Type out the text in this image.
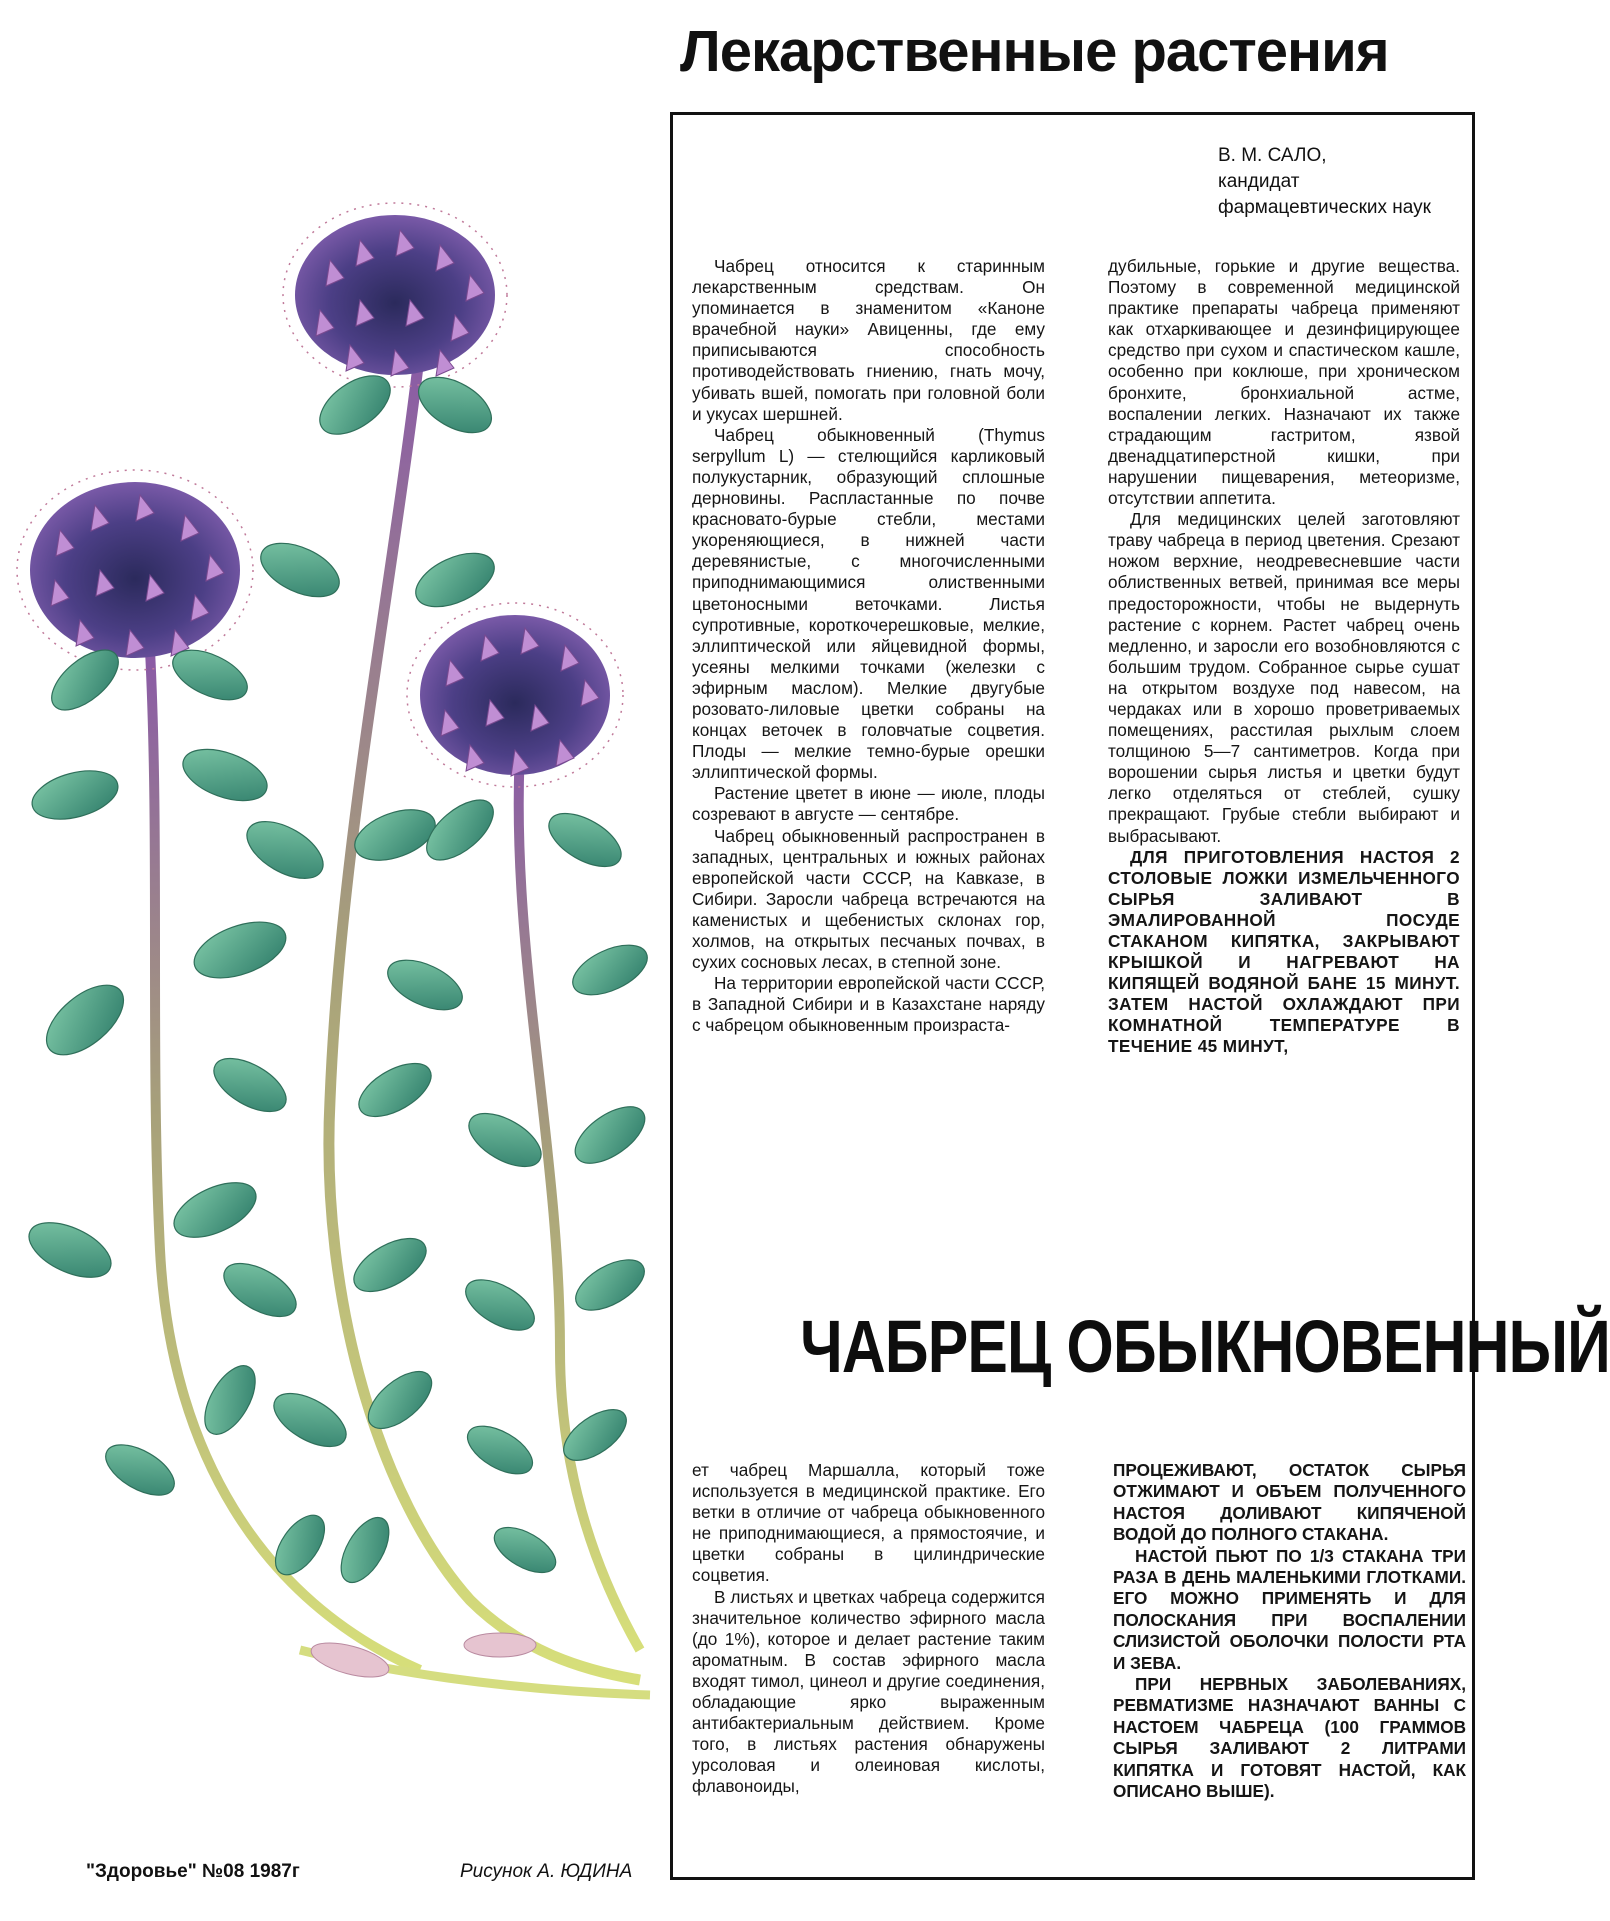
Лекарственные растения
В. М. САЛО,
кандидат
фармацевтических наук

Чабрец относится к старинным лекарственным средствам. Он упоминается в знаменитом «Каноне врачебной науки» Авиценны, где ему приписываются способность противодействовать гниению, гнать мочу, убивать вшей, помогать при головной боли и укусах шершней.

Чабрец обыкновенный (Thymus serpyllum L) — стелющийся карликовый полукустарник, образующий сплошные дерновины. Распластанные по почве красновато-бурые стебли, местами укореняющиеся, в нижней части деревянистые, с многочисленными приподнимающимися олиственными цветоносными веточками. Листья супротивные, короткочерешковые, мелкие, эллиптической или яйцевидной формы, усеяны мелкими точками (железки с эфирным маслом). Мелкие двугубые розовато-лиловые цветки собраны на концах веточек в головчатые соцветия. Плоды — мелкие темно-бурые орешки эллиптической формы.

Растение цветет в июне — июле, плоды созревают в августе — сентябре.

Чабрец обыкновенный распространен в западных, центральных и южных районах европейской части СССР, на Кавказе, в Сибири. Заросли чабреца встречаются на каменистых и щебенистых склонах гор, холмов, на открытых песчаных почвах, в сухих сосновых лесах, в степной зоне.

На территории европейской части СССР, в Западной Сибири и в Казахстане наряду с чабрецом обыкновенным произраста-

дубильные, горькие и другие вещества. Поэтому в современной медицинской практике препараты чабреца применяют как отхаркивающее и дезинфицирующее средство при сухом и спастическом кашле, особенно при коклюше, при хроническом бронхите, бронхиальной астме, воспалении легких. Назначают их также страдающим гастритом, язвой двенадцатиперстной кишки, при нарушении пищеварения, метеоризме, отсутствии аппетита.

Для медицинских целей заготовляют траву чабреца в период цветения. Срезают ножом верхние, неодревесневшие части облиственных ветвей, принимая все меры предосторожности, чтобы не выдернуть растение с корнем. Растет чабрец очень медленно, и заросли его возобновляются с большим трудом. Собранное сырье сушат на открытом воздухе под навесом, на чердаках или в хорошо проветриваемых помещениях, расстилая рыхлым слоем толщиною 5—7 сантиметров. Когда при ворошении сырья листья и цветки будут легко отделяться от стеблей, сушку прекращают. Грубые стебли выбирают и выбрасывают.

ДЛЯ ПРИГОТОВЛЕНИЯ НАСТОЯ 2 СТОЛОВЫЕ ЛОЖКИ ИЗМЕЛЬЧЕННОГО СЫРЬЯ ЗАЛИВАЮТ В ЭМАЛИРОВАННОЙ ПОСУДЕ СТАКАНОМ КИПЯТКА, ЗАКРЫВАЮТ КРЫШКОЙ И НАГРЕВАЮТ НА КИПЯЩЕЙ ВОДЯНОЙ БАНЕ 15 МИНУТ. ЗАТЕМ НАСТОЙ ОХЛАЖДАЮТ ПРИ КОМНАТНОЙ ТЕМПЕРАТУРЕ В ТЕЧЕНИЕ 45 МИНУТ,

ЧАБРЕЦ ОБЫКНОВЕННЫЙ

ет чабрец Маршалла, который тоже используется в медицинской практике. Его ветки в отличие от чабреца обыкновенного не приподнимающиеся, а прямостоячие, и цветки собраны в цилиндрические соцветия.

В листьях и цветках чабреца содержится значительное количество эфирного масла (до 1%), которое и делает растение таким ароматным. В состав эфирного масла входят тимол, цинеол и другие соединения, обладающие ярко выраженным антибактериальным действием. Кроме того, в листьях растения обнаружены урсоловая и олеиновая кислоты, флавоноиды,

ПРОЦЕЖИВАЮТ, ОСТАТОК СЫРЬЯ ОТЖИМАЮТ И ОБЪЕМ ПОЛУЧЕННОГО НАСТОЯ ДОЛИВАЮТ КИПЯЧЕНОЙ ВОДОЙ ДО ПОЛНОГО СТАКАНА.

НАСТОЙ ПЬЮТ ПО 1/3 СТАКАНА ТРИ РАЗА В ДЕНЬ МАЛЕНЬКИМИ ГЛОТКАМИ. ЕГО МОЖНО ПРИМЕНЯТЬ И ДЛЯ ПОЛОСКАНИЯ ПРИ ВОСПАЛЕНИИ СЛИЗИСТОЙ ОБОЛОЧКИ ПОЛОСТИ РТА И ЗЕВА.

ПРИ НЕРВНЫХ ЗАБОЛЕВАНИЯХ, РЕВМАТИЗМЕ НАЗНАЧАЮТ ВАННЫ С НАСТОЕМ ЧАБРЕЦА (100 ГРАММОВ СЫРЬЯ ЗАЛИВАЮТ 2 ЛИТРАМИ КИПЯТКА И ГОТОВЯТ НАСТОЙ, КАК ОПИСАНО ВЫШЕ).

"Здоровье" №08 1987г	Рисунок А. ЮДИНА
